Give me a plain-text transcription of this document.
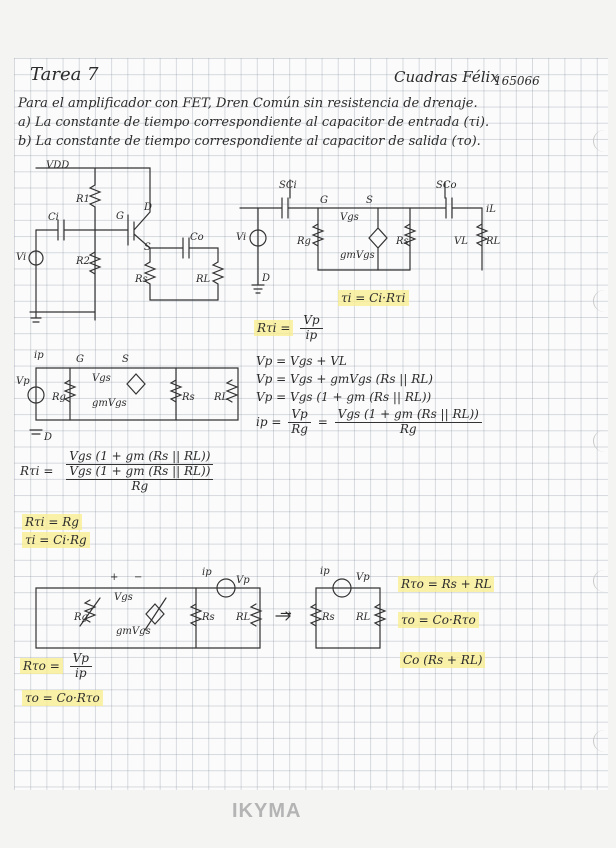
Tarea 7	Cuadras Félix
165066
Para el amplificador con FET, Dren Común sin resistencia de drenaje.
a) La constante de tiempo correspondiente al capacitor de entrada (τi).
b) La constante de tiempo correspondiente al capacitor de salida (τo).
VDD
R1
R2
Ci
Co
G
D
S
Vi
Rs	RL
SCi	SCo
G	S
Vgs
Vi	Rg
gmVgs
Rs	VL
iL
RL
D
τi = Ci·Rτi
$R\tau i = \frac{Vp}{ip}$
Vp = Vgs + VL
Vp = Vgs + gmVgs (Rs || RL)
Vp = Vgs (1 + gm (Rs || RL))
ip = $\frac{Vp}{Rg} = \frac{\text{Vgs (1 + gm (Rs || RL))}}{Rg}$
ip	G	S
Vgs
Vp
Rg
gmVgs
Rs RL
D
$R\tau i = \frac{\text{Vgs (1 + gm (Rs || RL))}}{\frac{\text{Vgs (1 + gm (Rs || RL))}}{Rg}}$
Rτi = Rg
τi = Ci·Rg
+ −
Vgs
ip
Vp
Rg
gmVgs
Rs RL
ip
Vp
Rs RL
Rτo = Rs + RL
τo = Co·Rτo
Co (Rs + RL)
$R\tau o = \frac{Vp}{ip}$
τo = Co·Rτo
→
IKYMA
